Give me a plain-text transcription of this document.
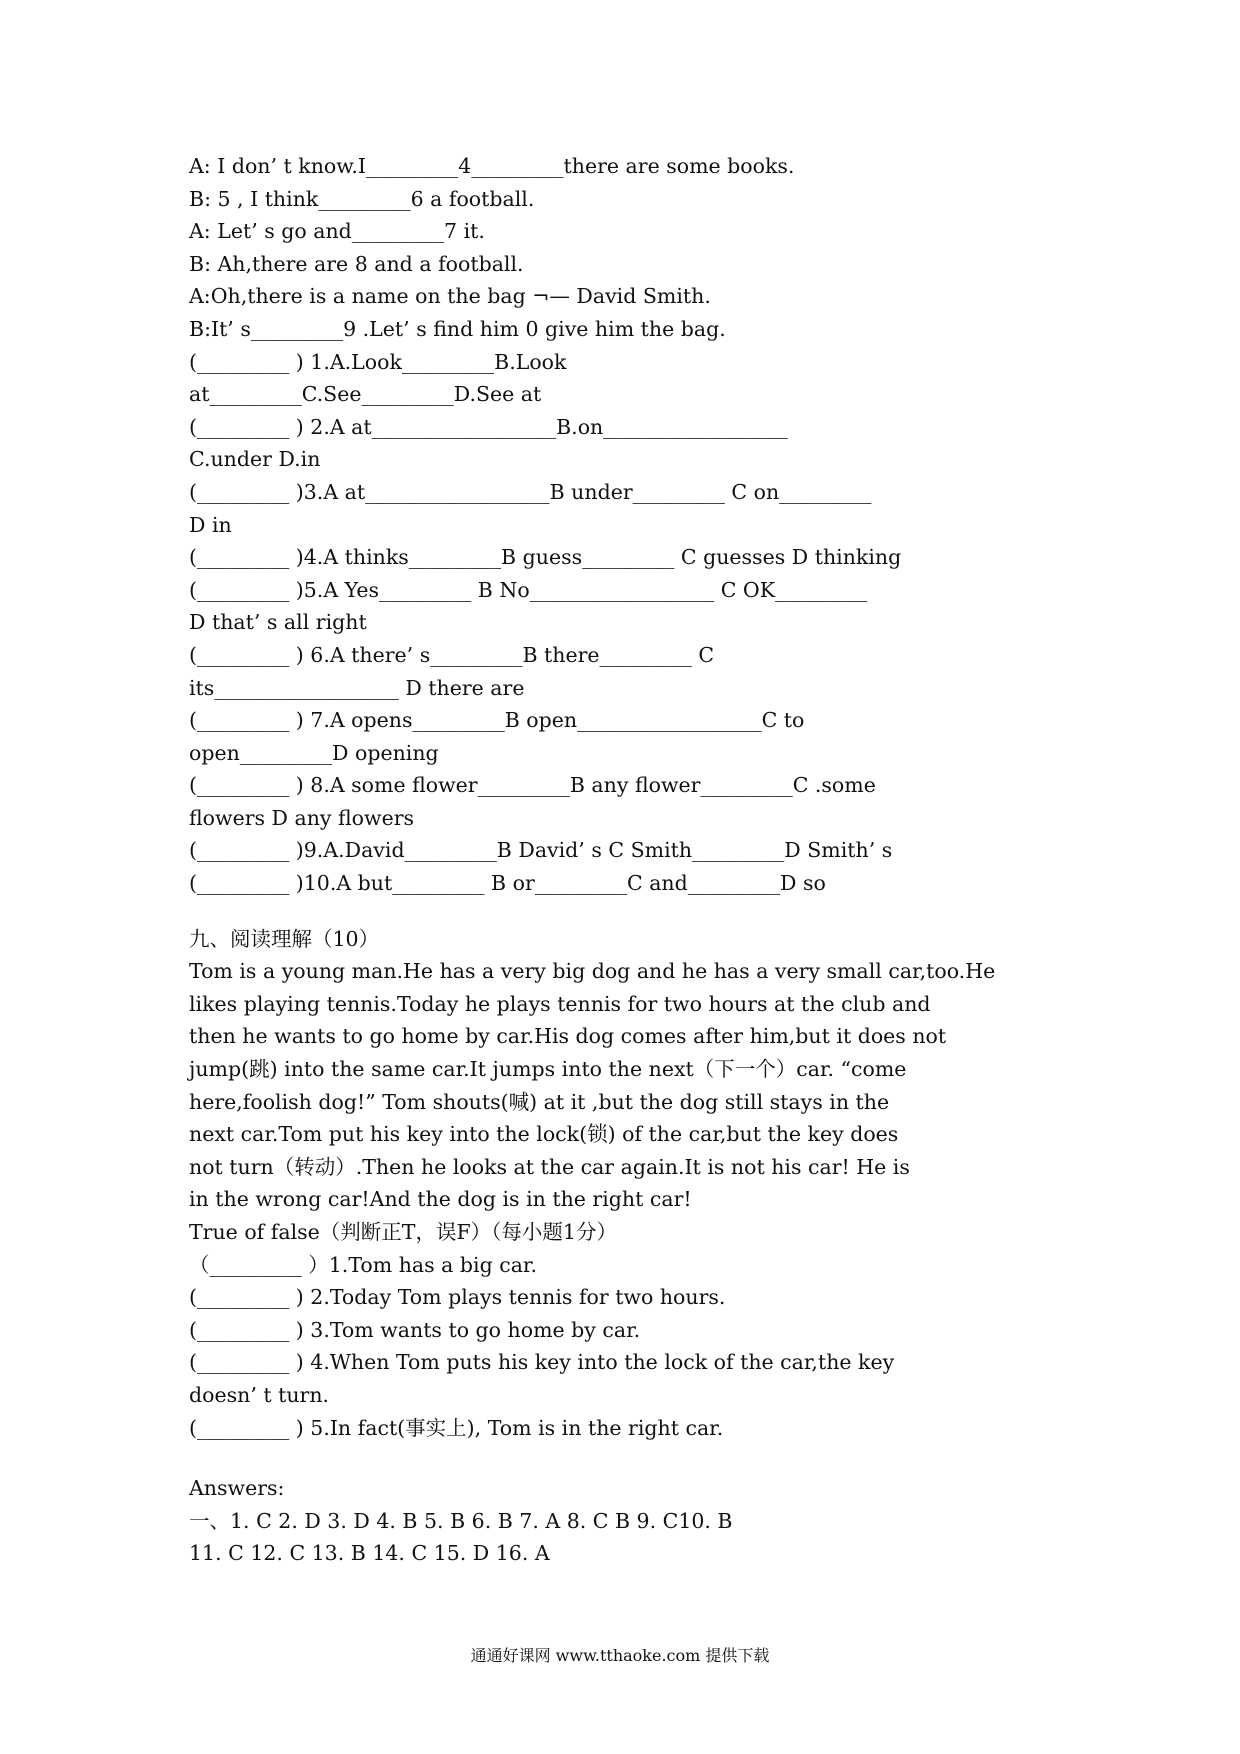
A: I don’ t know.I_________4_________there are some books.
B: 5 , I think_________6 a football.
A: Let’ s go and_________7 it.
B: Ah,there are 8 and a football.
A:Oh,there is a name on the bag ¬— David Smith.
B:It’ s_________9 .Let’ s find him 0 give him the bag.
(_________ ) 1.A.Look_________B.Look
at_________C.See_________D.See at
(_________ ) 2.A at__________________B.on__________________
C.under D.in
(_________ )3.A at__________________B under_________ C on_________
D in
(_________ )4.A thinks_________B guess_________ C guesses D thinking
(_________ )5.A Yes_________ B No__________________ C OK_________
D that’ s all right
(_________ ) 6.A there’ s_________B there_________ C
its__________________ D there are
(_________ ) 7.A opens_________B open__________________C to
open_________D opening
(_________ ) 8.A some flower_________B any flower_________C .some
flowers D any flowers
(_________ )9.A.David_________B David’ s C Smith_________D Smith’ s
(_________ )10.A but_________ B or_________C and_________D so
九、阅读理解（10）
Tom is a young man.He has a very big dog and he has a very small car,too.He
likes playing tennis.Today he plays tennis for two hours at the club and
then he wants to go home by car.His dog comes after him,but it does not
jump(跳) into the same car.It jumps into the next（下一个）car. “come
here,foolish dog!” Tom shouts(喊) at it ,but the dog still stays in the
next car.Tom put his key into the lock(锁) of the car,but the key does
not turn（转动）.Then he looks at the car again.It is not his car! He is
in the wrong car!And the dog is in the right car!
True of false（判断正T，误F）（每小题1分）
（_________ ）1.Tom has a big car.
(_________ ) 2.Today Tom plays tennis for two hours.
(_________ ) 3.Tom wants to go home by car.
(_________ ) 4.When Tom puts his key into the lock of the car,the key
doesn’ t turn.
(_________ ) 5.In fact(事实上), Tom is in the right car.
Answers:
一、1. C 2. D 3. D 4. B 5. B 6. B 7. A 8. C B 9. C10. B
11. C 12. C 13. B 14. C 15. D 16. A
通通好课网 www.tthaoke.com 提供下载
